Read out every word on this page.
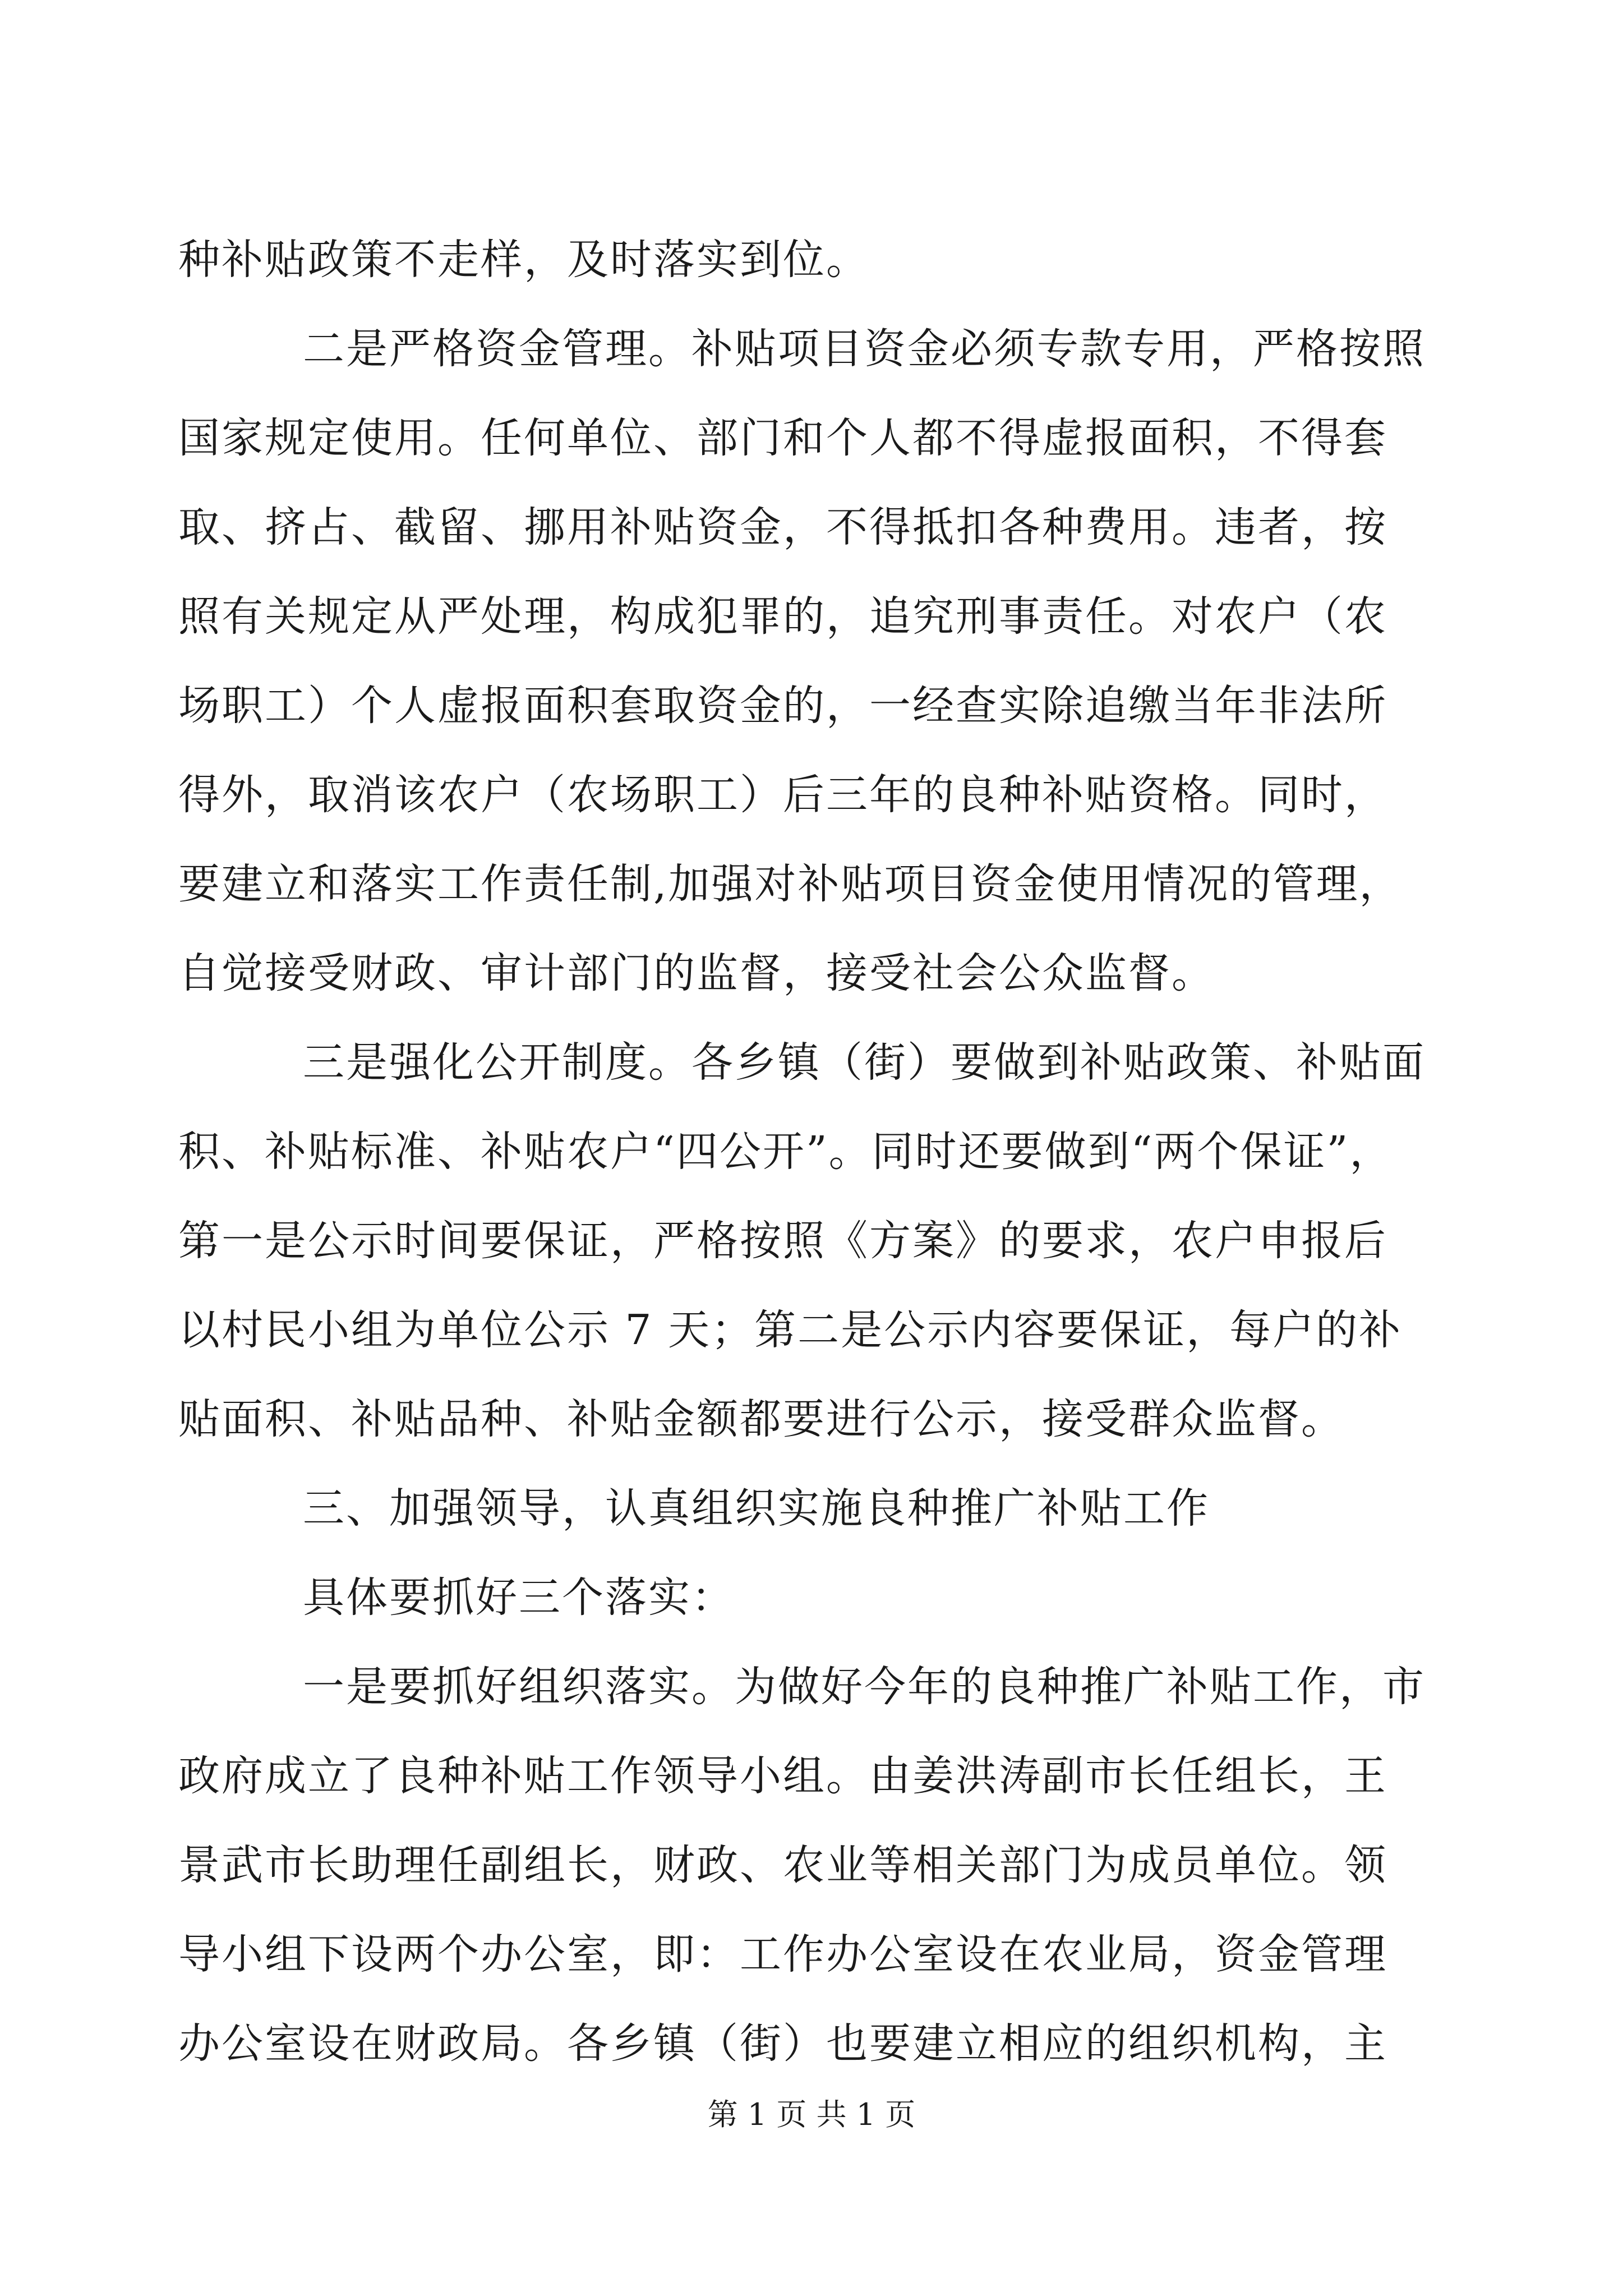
种补贴政策不走样，及时落实到位。
二是严格资金管理。补贴项目资金必须专款专用，严格按照
国家规定使用。任何单位、部门和个人都不得虚报面积，不得套
取、挤占、截留、挪用补贴资金，不得抵扣各种费用。违者，按
照有关规定从严处理，构成犯罪的，追究刑事责任。对农户（农
场职工）个人虚报面积套取资金的，一经查实除追缴当年非法所
得外，取消该农户（农场职工）后三年的良种补贴资格。同时，
要建立和落实工作责任制,加强对补贴项目资金使用情况的管理，
自觉接受财政、审计部门的监督，接受社会公众监督。
三是强化公开制度。各乡镇（街）要做到补贴政策、补贴面
积、补贴标准、补贴农户“四公开”。同时还要做到“两个保证”，
第一是公示时间要保证，严格按照《方案》的要求，农户申报后
以村民小组为单位公示 7 天；第二是公示内容要保证，每户的补
贴面积、补贴品种、补贴金额都要进行公示，接受群众监督。
三、加强领导，认真组织实施良种推广补贴工作
具体要抓好三个落实：
一是要抓好组织落实。为做好今年的良种推广补贴工作，市
政府成立了良种补贴工作领导小组。由姜洪涛副市长任组长，王
景武市长助理任副组长，财政、农业等相关部门为成员单位。领
导小组下设两个办公室，即：工作办公室设在农业局，资金管理
办公室设在财政局。各乡镇（街）也要建立相应的组织机构，主
第 1 页 共 1 页
